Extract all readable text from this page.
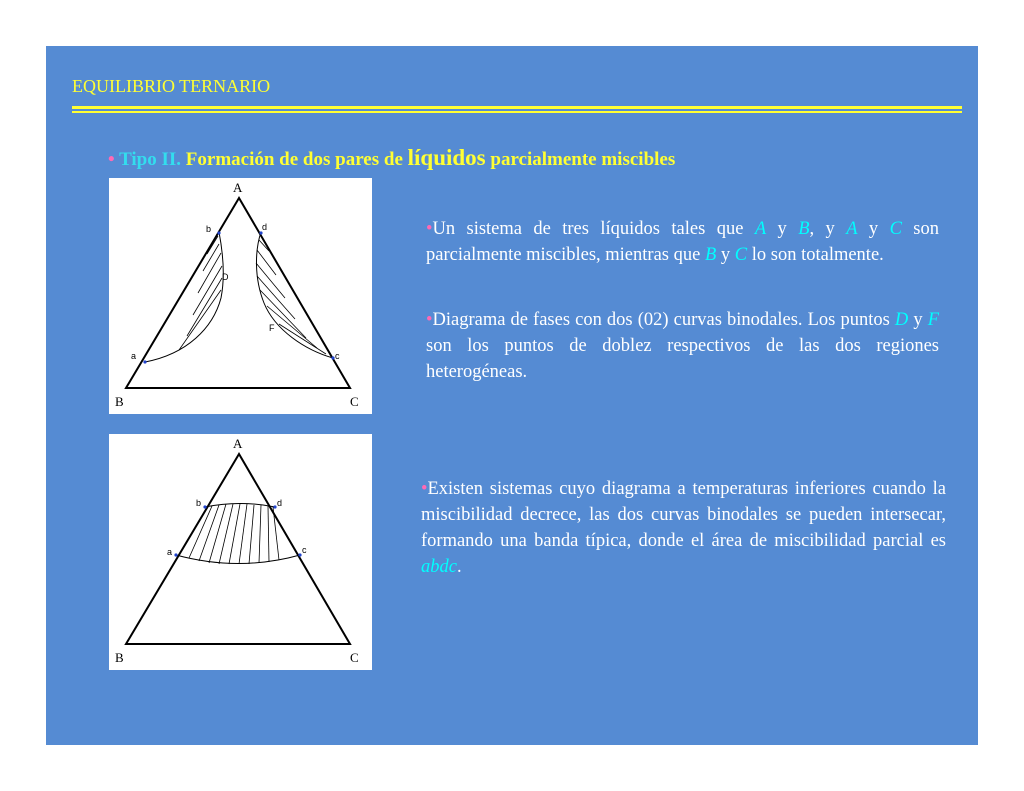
EQUILIBRIO TERNARIO
• Tipo II. Formación de dos pares de líquidos parcialmente miscibles
A
B	C
b	d
a	c
D
F
•Un sistema de tres líquidos tales que A y B, y A y C son parcialmente miscibles, mientras que B y C lo son totalmente.
•Diagrama de fases con dos (02) curvas binodales. Los puntos D y F son los puntos de doblez respectivos de las dos regiones heterogéneas.
A
B	C
b	d
a	c
•Existen sistemas cuyo diagrama a temperaturas inferiores cuando la miscibilidad decrece, las dos curvas binodales se pueden intersecar, formando una banda típica, donde el área de miscibilidad parcial es abdc.
